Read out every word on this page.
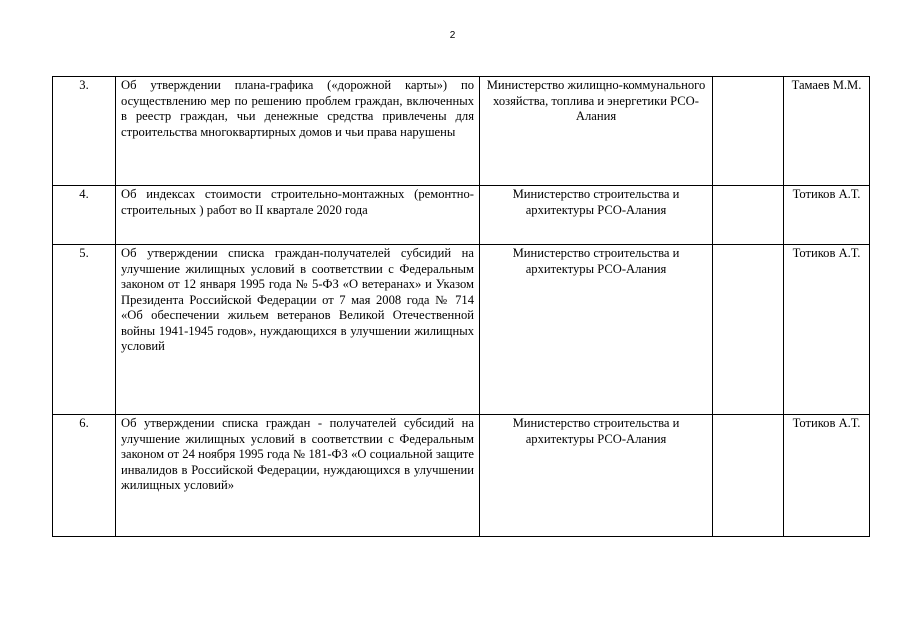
2
3.	Об утверждении плана-графика («дорожной карты») по осуществлению мер по решению проблем граждан, включенных в реестр граждан, чьи денежные средства привлечены для строительства многоквартирных домов и чьи права нарушены	Министерство жилищно-коммунального хозяйства, топлива и энергетики РСО-Алания		Тамаев М.М.
4.	Об индексах стоимости строительно-монтажных (ремонтно-строительных ) работ во II квартале 2020 года	Министерство строительства и архитектуры РСО-Алания		Тотиков А.Т.
5.	Об утверждении списка граждан-получателей субсидий на улучшение жилищных условий в соответствии с Федеральным законом от 12 января 1995 года № 5-ФЗ «О ветеранах» и Указом Президента Российской Федерации от 7 мая 2008 года № 714 «Об обеспечении жильем ветеранов Великой Отечественной войны 1941-1945 годов», нуждающихся в улучшении жилищных условий	Министерство строительства и архитектуры РСО-Алания		Тотиков А.Т.
6.	Об утверждении списка граждан - получателей субсидий на улучшение жилищных условий в соответствии с Федеральным законом от 24 ноября 1995 года № 181-ФЗ «О социальной защите инвалидов в Российской Федерации, нуждающихся в улучшении жилищных условий»	Министерство строительства и архитектуры РСО-Алания		Тотиков А.Т.
